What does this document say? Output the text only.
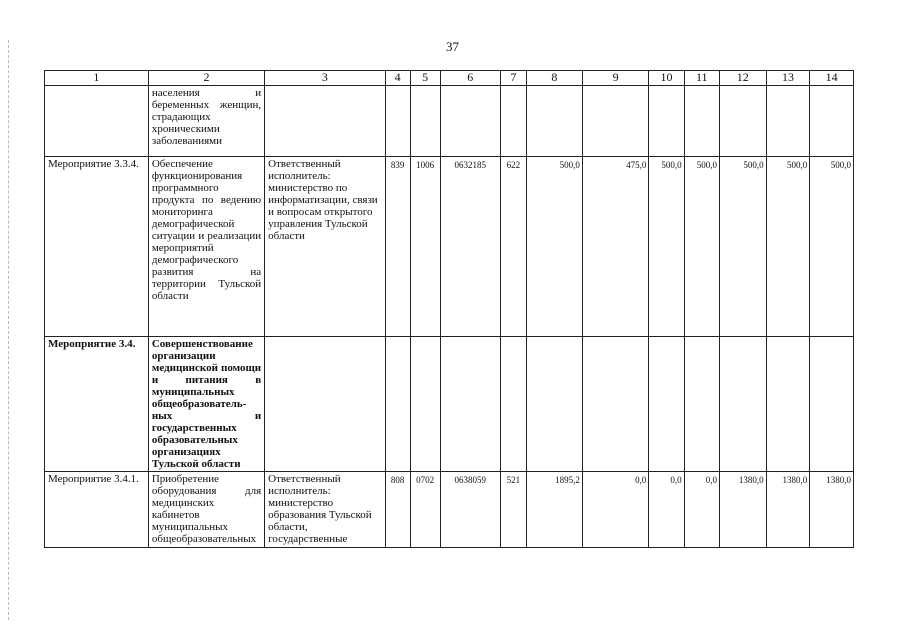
37
1	2	3	4	5	6	7	8	9	10	11	12	13	14
	населения и беременных женщин, страдающих хроническими заболеваниями												
Мероприятие 3.3.4.	Обеспечение функционирования программного продукта по ведению мониторинга демографической ситуации и реализации мероприятий демографического развития на территории Тульской области	Ответственный исполнитель: министерство по информатизации, связи и вопросам открытого управления Тульской области	839	1006	0632185	622	500,0	475,0	500,0	500,0	500,0	500,0	500,0
Мероприятие 3.4.	Совершенствование организации медицинской помощи и питания в муниципальных общеобразователь-ных и государственных образовательных организациях Тульской области												
Мероприятие 3.4.1.	Приобретение оборудования для медицинских кабинетов муниципальных общеобразовательных	Ответственный исполнитель: министерство образования Тульской области, государственные	808	0702	0638059	521	1895,2	0,0	0,0	0,0	1380,0	1380,0	1380,0
